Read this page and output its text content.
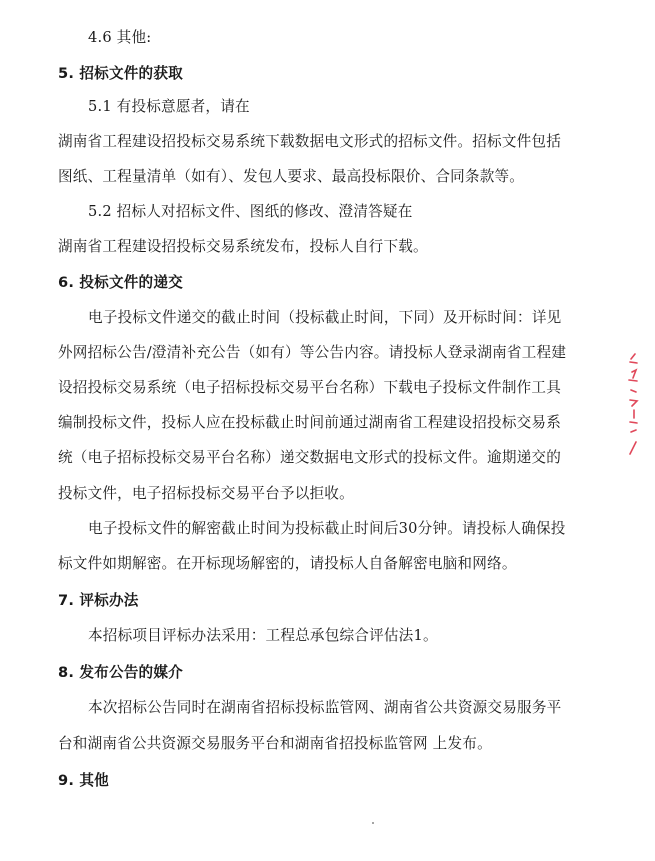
4.6 其他:
5. 招标文件的获取
5.1 有投标意愿者，请在
湖南省工程建设招投标交易系统下载数据电文形式的招标文件。招标文件包括
图纸、工程量清单（如有）、发包人要求、最高投标限价、合同条款等。
5.2 招标人对招标文件、图纸的修改、澄清答疑在
湖南省工程建设招投标交易系统发布，投标人自行下载。
6. 投标文件的递交
电子投标文件递交的截止时间（投标截止时间，下同）及开标时间：详见
外网招标公告/澄清补充公告（如有）等公告内容。请投标人登录湖南省工程建
设招投标交易系统（电子招标投标交易平台名称）下载电子投标文件制作工具
编制投标文件，投标人应在投标截止时间前通过湖南省工程建设招投标交易系
统（电子招标投标交易平台名称）递交数据电文形式的投标文件。逾期递交的
投标文件，电子招标投标交易平台予以拒收。
电子投标文件的解密截止时间为投标截止时间后30分钟。请投标人确保投
标文件如期解密。在开标现场解密的，请投标人自备解密电脑和网络。
7. 评标办法
本招标项目评标办法采用：工程总承包综合评估法1。
8. 发布公告的媒介
本次招标公告同时在湖南省招标投标监管网、湖南省公共资源交易服务平
台和湖南省公共资源交易服务平台和湖南省招投标监管网 上发布。
9. 其他
